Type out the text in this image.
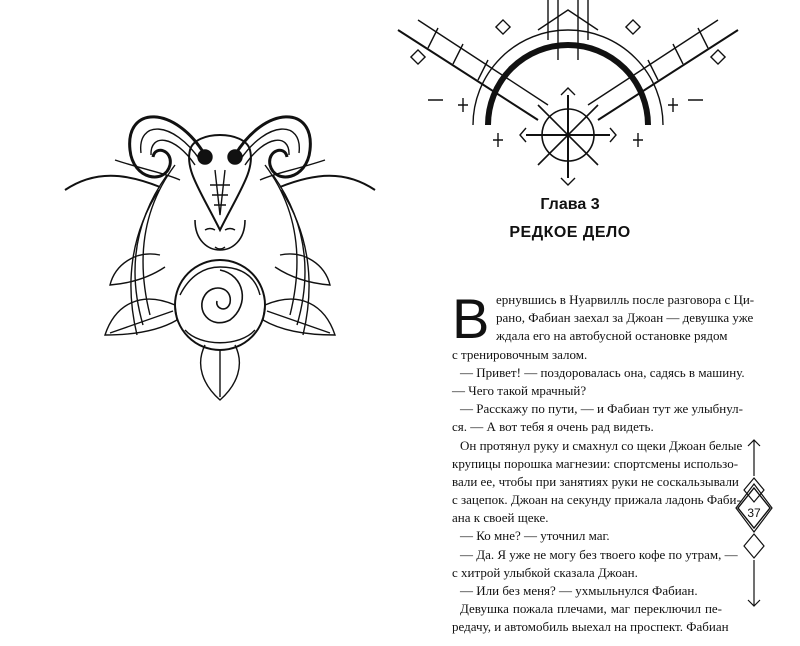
Глава 3
РЕДКОЕ ДЕЛО
В ернувшись в Нуарвилль после разговора с Ци-
рано, Фабиан заехал за Джоан — девушка уже
ждала его на автобусной остановке рядом
с тренировочным залом.
— Привет! — поздоровалась она, садясь в машину.
— Чего такой мрачный?
— Расскажу по пути, — и Фабиан тут же улыбнул-
ся. — А вот тебя я очень рад видеть.
Он протянул руку и смахнул со щеки Джоан белые
крупицы порошка магнезии: спортсмены использо-
вали ее, чтобы при занятиях руки не соскальзывали
с зацепок. Джоан на секунду прижала ладонь Фаби-
ана к своей щеке.
— Ко мне? — уточнил маг.
— Да. Я уже не могу без твоего кофе по утрам, —
с хитрой улыбкой сказала Джоан.
— Или без меня? — ухмыльнулся Фабиан.
Девушка пожала плечами, маг переключил пе-
редачу, и автомобиль выехал на проспект. Фабиан
37
